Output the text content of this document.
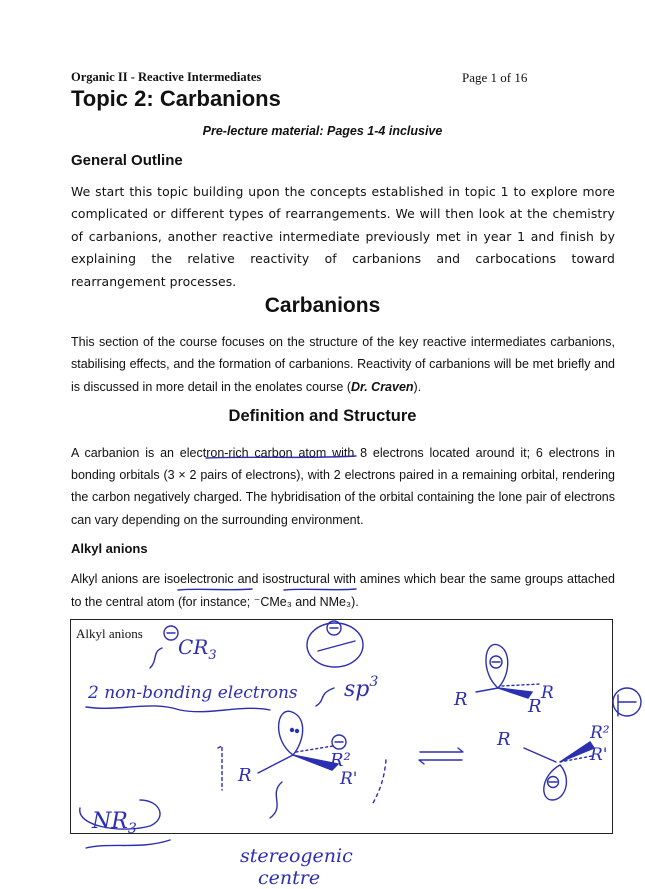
Organic II - Reactive Intermediates	Page 1 of 16
Topic 2: Carbanions
Pre-lecture material: Pages 1-4 inclusive
General Outline

We start this topic building upon the concepts established in topic 1 to explore more complicated or different types of rearrangements. We will then look at the chemistry of carbanions, another reactive intermediate previously met in year 1 and finish by explaining the relative reactivity of carbanions and carbocations toward rearrangement processes.

Carbanions

This section of the course focuses on the structure of the key reactive intermediates carbanions, stabilising effects, and the formation of carbanions. Reactivity of carbanions will be met briefly and is discussed in more detail in the enolates course (Dr. Craven).

Definition and Structure

A carbanion is an electron-rich carbon atom with 8 electrons located around it; 6 electrons in bonding orbitals (3 × 2 pairs of electrons), with 2 electrons paired in a remaining orbital, rendering the carbon negatively charged. The hybridisation of the orbital containing the lone pair of electrons can vary depending on the surrounding environment.

Alkyl anions

Alkyl anions are isoelectronic and isostructural with amines which bear the same groups attached to the central atom (for instance; ⁻CMe₃ and NMe₃).

Alkyl anions
$CR_3$
2 non-bonding electrons $sp^3$
R	R'
R²
R	R
R
R	R²
R'
$NR_3$
stereogenic
centre
